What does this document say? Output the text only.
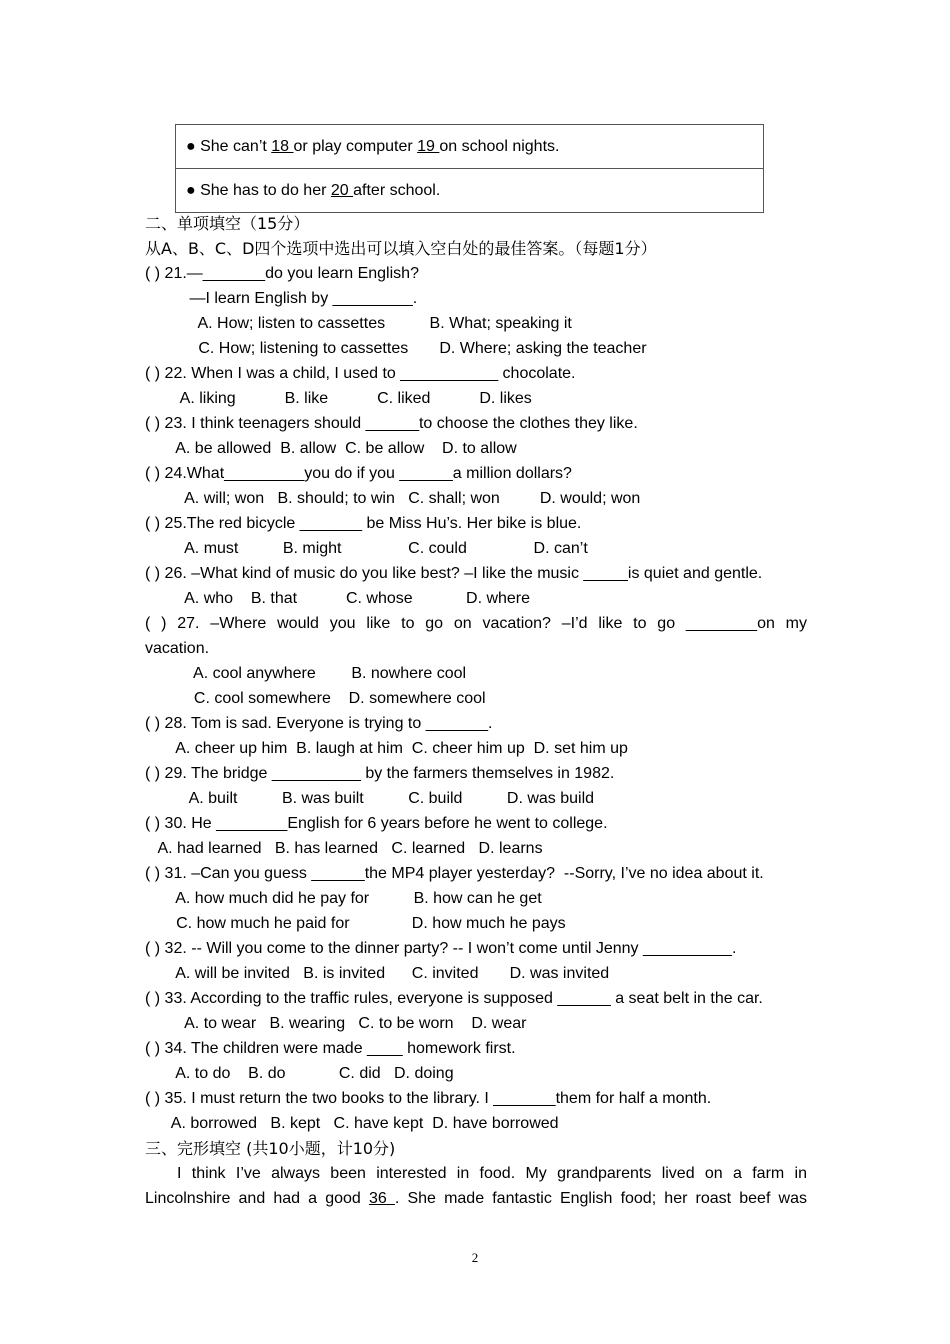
● She can’t 18 or play computer 19 on school nights.
● She has to do her 20 after school.
二、单项填空（15分）
从A、B、C、D四个选项中选出可以填入空白处的最佳答案。（每题1分）
( ) 21.—_______do you learn English?
—I learn English by _________.
A. How; listen to cassettes          B. What; speaking it
C. How; listening to cassettes       D. Where; asking the teacher
( ) 22. When I was a child, I used to ___________ chocolate.
A. liking           B. like           C. liked           D. likes
( ) 23. I think teenagers should ______to choose the clothes they like.
A. be allowed  B. allow  C. be allow    D. to allow
( ) 24.What_________you do if you ______a million dollars?
A. will; won   B. should; to win   C. shall; won         D. would; won
( ) 25.The red bicycle _______ be Miss Hu’s. Her bike is blue.
A. must          B. might               C. could               D. can’t
( ) 26. –What kind of music do you like best? –I like the music _____is quiet and gentle.
A. who    B. that           C. whose            D. where
( ) 27. –Where would you like to go on vacation? –I’d like to go ________on my
vacation.
A. cool anywhere        B. nowhere cool
C. cool somewhere    D. somewhere cool
( ) 28. Tom is sad. Everyone is trying to _______.
A. cheer up him  B. laugh at him  C. cheer him up  D. set him up
( ) 29. The bridge __________ by the farmers themselves in 1982.
A. built          B. was built          C. build          D. was build
( ) 30. He ________English for 6 years before he went to college.
A. had learned   B. has learned   C. learned   D. learns
( ) 31. –Can you guess ______the MP4 player yesterday?  --Sorry, I’ve no idea about it.
A. how much did he pay for          B. how can he get
C. how much he paid for              D. how much he pays
( ) 32. -- Will you come to the dinner party? -- I won’t come until Jenny __________.
A. will be invited   B. is invited      C. invited       D. was invited
( ) 33. According to the traffic rules, everyone is supposed ______ a seat belt in the car.
A. to wear   B. wearing   C. to be worn    D. wear
( ) 34. The children were made ____ homework first.
A. to do    B. do            C. did   D. doing
( ) 35. I must return the two books to the library. I _______them for half a month.
A. borrowed   B. kept   C. have kept  D. have borrowed
三、完形填空 (共10小题，计10分)
I think I’ve always been interested in food. My grandparents lived on a farm in
Lincolnshire and had a good 36 . She made fantastic English food; her roast beef was
2
